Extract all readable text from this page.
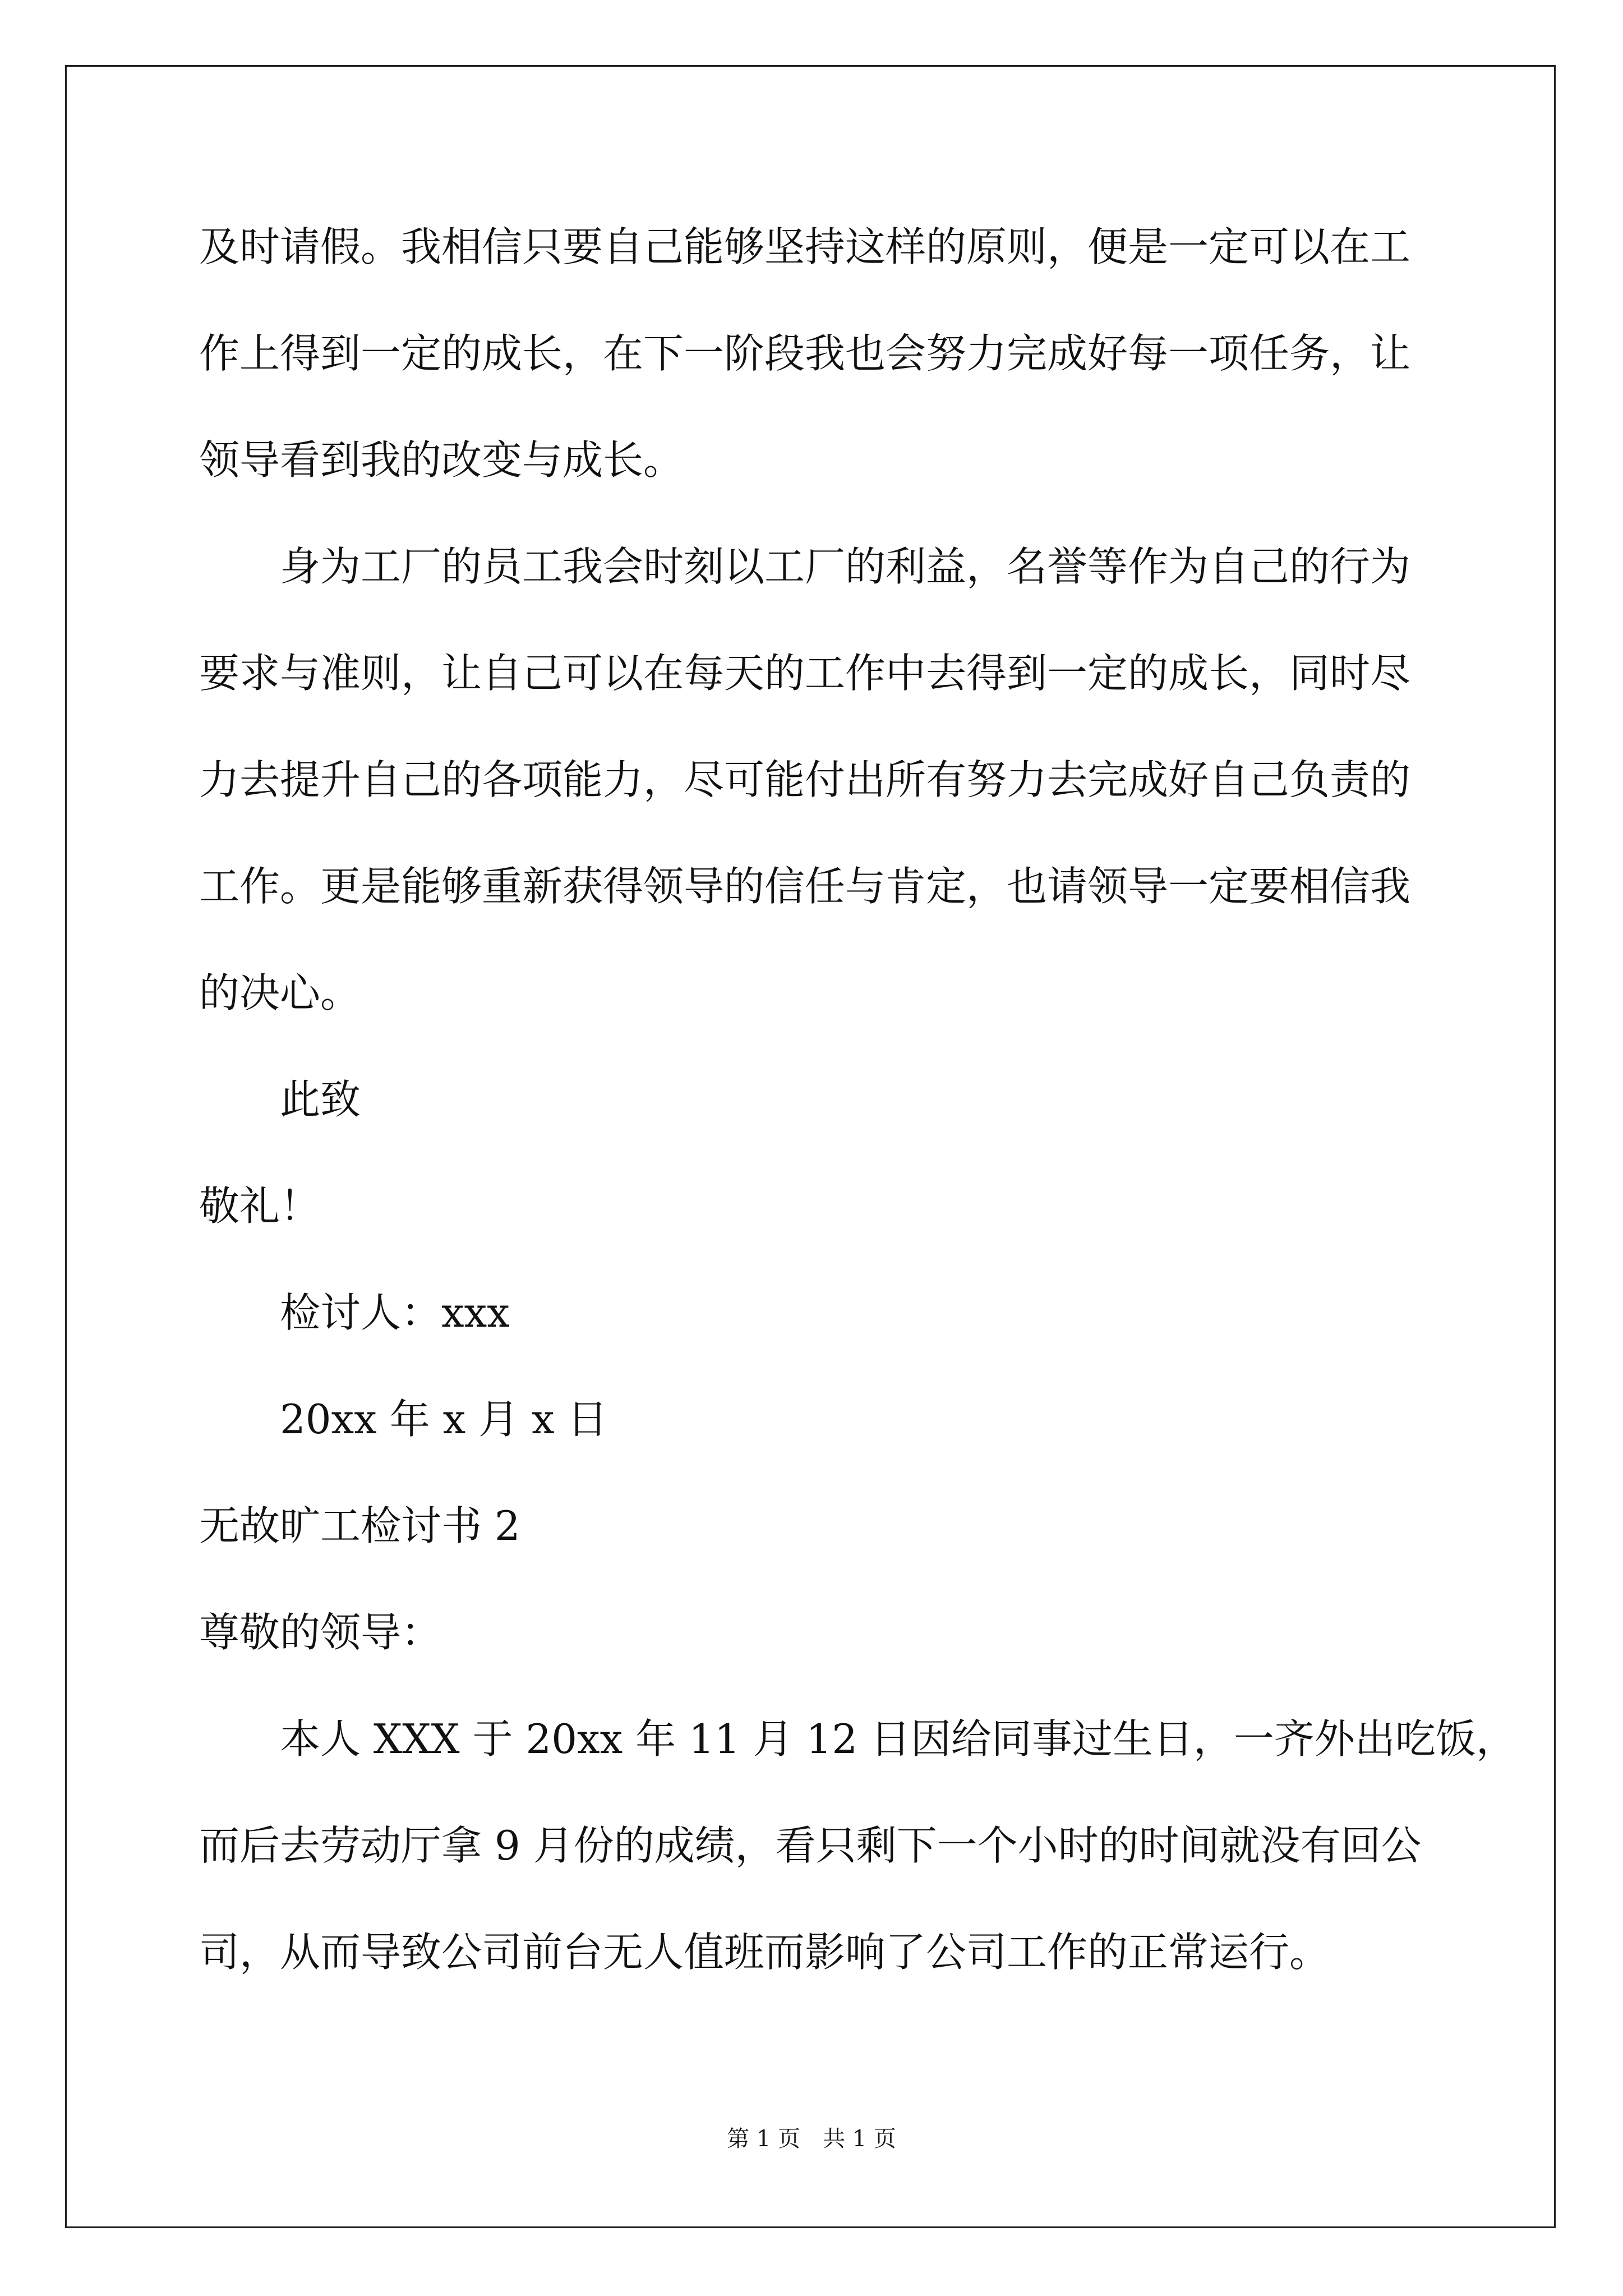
及时请假。我相信只要自己能够坚持这样的原则，便是一定可以在工
作上得到一定的成长，在下一阶段我也会努力完成好每一项任务，让
领导看到我的改变与成长。
身为工厂的员工我会时刻以工厂的利益，名誉等作为自己的行为
要求与准则，让自己可以在每天的工作中去得到一定的成长，同时尽
力去提升自己的各项能力，尽可能付出所有努力去完成好自己负责的
工作。更是能够重新获得领导的信任与肯定，也请领导一定要相信我
的决心。
此致
敬礼！
检讨人：xxx
20xx 年 x 月 x 日
无故旷工检讨书 2
尊敬的领导：
本人 XXX 于 20xx 年 11 月 12 日因给同事过生日，一齐外出吃饭，
而后去劳动厅拿 9 月份的成绩，看只剩下一个小时的时间就没有回公
司，从而导致公司前台无人值班而影响了公司工作的正常运行。
第 1 页　共 1 页
